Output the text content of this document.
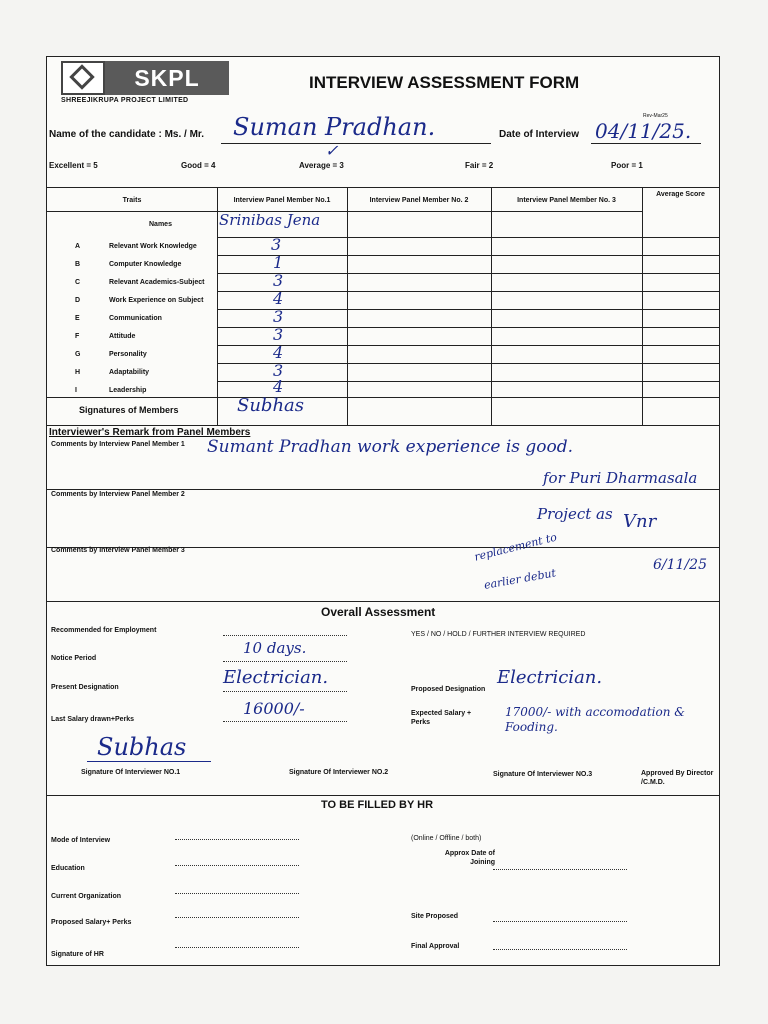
SKPL
SHREEJIKRUPA PROJECT LIMITED
INTERVIEW ASSESSMENT FORM
Rev-Mar25
Name of the candidate : Ms. / Mr. Suman Pradhan.	Date of Interview 04/11/25.
Excellent = 5	Good = 4	Average = 3
✓
Fair = 2	Poor = 1
Traits	Interview Panel Member No.1	Interview Panel Member No. 2	Interview Panel Member No. 3
Average Score
Names	Srinibas Jena
A	Relevant Work Knowledge	3
B	Computer Knowledge	1
C	Relevant Academics-Subject	3
D	Work Experience on Subject	4
E	Communication	3
F	Attitude	3
G	Personality	4
H	Adaptability	3
I	Leadership	4
Signatures of Members	Subhas
Interviewer's Remark from Panel Members
Comments by Interview Panel Member 1 Sumant Pradhan work experience is good.
Comments by Interview Panel Member 2
for Puri Dharmasala
Project as Vnr
Comments by Interview Panel Member 3	replacement to
earlier debut
6/11/25
Overall Assessment
Recommended for Employment
YES / NO / HOLD / FURTHER INTERVIEW REQUIRED
Notice Period
10 days.
Present Designation	Electrician.
Proposed Designation
Electrician.
Last Salary drawn+Perks
16000/-	Expected Salary + Perks
17000/- with accomodation & Fooding.
Subhas
Signature Of Interviewer NO.1	Signature Of Interviewer NO.2	Signature Of Interviewer NO.3	Approved By Director /C.M.D.
TO BE FILLED BY HR
Mode of Interview	(Online / Offline / both)
Approx Date of Joining
Education
Current Organization
Proposed Salary+ Perks
Site Proposed
Signature of HR
Final Approval
